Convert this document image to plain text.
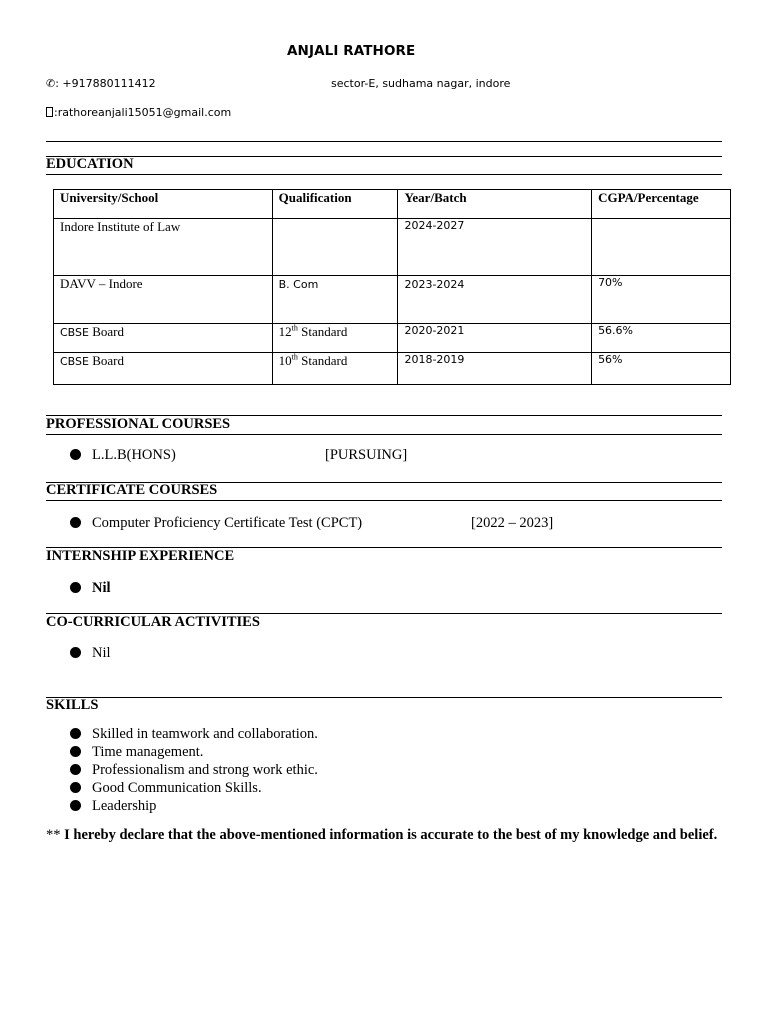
ANJALI RATHORE
✆: +917880111412	sector-E, sudhama nagar, indore
:rathoreanjali15051@gmail.com
EDUCATION
University/School	Qualification	Year/Batch	CGPA/Percentage
Indore Institute of Law		2024-2027	
DAVV – Indore	B. Com	2023-2024	70%
CBSE Board	12th Standard	2020-2021	56.6%
CBSE Board	10th Standard	2018-2019	56%
PROFESSIONAL COURSES
L.L.B(HONS)	[PURSUING]
CERTIFICATE COURSES
Computer Proficiency Certificate Test (CPCT)	[2022 – 2023]
INTERNSHIP EXPERIENCE
Nil
CO-CURRICULAR ACTIVITIES
Nil
SKILLS
Skilled in teamwork and collaboration.
Time management.
Professionalism and strong work ethic.
Good Communication Skills.
Leadership
** I hereby declare that the above-mentioned information is accurate to the best of my knowledge and belief.
